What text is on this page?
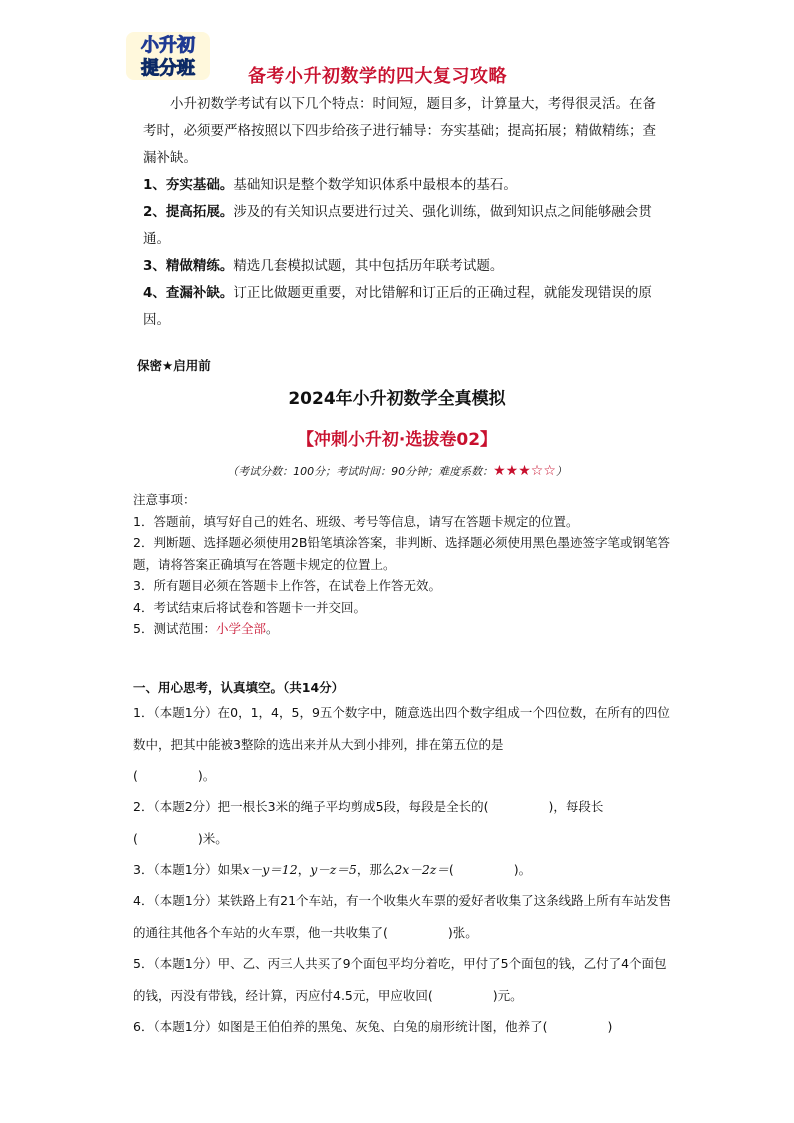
小升初
提分班	备考小升初数学的四大复习攻略
小升初数学考试有以下几个特点：时间短，题目多，计算量大，考得很灵活。在备考时，必须要严格按照以下四步给孩子进行辅导：夯实基础；提高拓展；精做精练；查漏补缺。
1、夯实基础。基础知识是整个数学知识体系中最根本的基石。
2、提高拓展。涉及的有关知识点要进行过关、强化训练，做到知识点之间能够融会贯通。
3、精做精练。精选几套模拟试题，其中包括历年联考试题。
4、查漏补缺。订正比做题更重要，对比错解和订正后的正确过程，就能发现错误的原因。
保密★启用前
2024年小升初数学全真模拟
【冲刺小升初·选拔卷02】
（考试分数：100分；考试时间：90分钟；难度系数：★★★☆☆）
注意事项：
1．答题前，填写好自己的姓名、班级、考号等信息，请写在答题卡规定的位置。
2．判断题、选择题必须使用2B铅笔填涂答案，非判断、选择题必须使用黑色墨迹签字笔或钢笔答题，请将答案正确填写在答题卡规定的位置上。
3．所有题目必须在答题卡上作答，在试卷上作答无效。
4．考试结束后将试卷和答题卡一并交回。
5．测试范围：小学全部。
一、用心思考，认真填空。（共14分）
1．（本题1分）在0，1，4，5，9五个数字中，随意选出四个数字组成一个四位数，在所有的四位数中，把其中能被3整除的选出来并从大到小排列，排在第五位的是
(	)。
2．（本题2分）把一根长3米的绳子平均剪成5段，每段是全长的(	)，每段长
(	)米。
3．（本题1分）如果x－y＝12，y－z＝5，那么2x－2z＝(	)。
4．（本题1分）某铁路上有21个车站，有一个收集火车票的爱好者收集了这条线路上所有车站发售的通往其他各个车站的火车票，他一共收集了(	)张。
5．（本题1分）甲、乙、丙三人共买了9个面包平均分着吃，甲付了5个面包的钱，乙付了4个面包的钱，丙没有带钱，经计算，丙应付4.5元，甲应收回(	)元。
6．（本题1分）如图是王伯伯养的黑兔、灰兔、白兔的扇形统计图，他养了(	)
